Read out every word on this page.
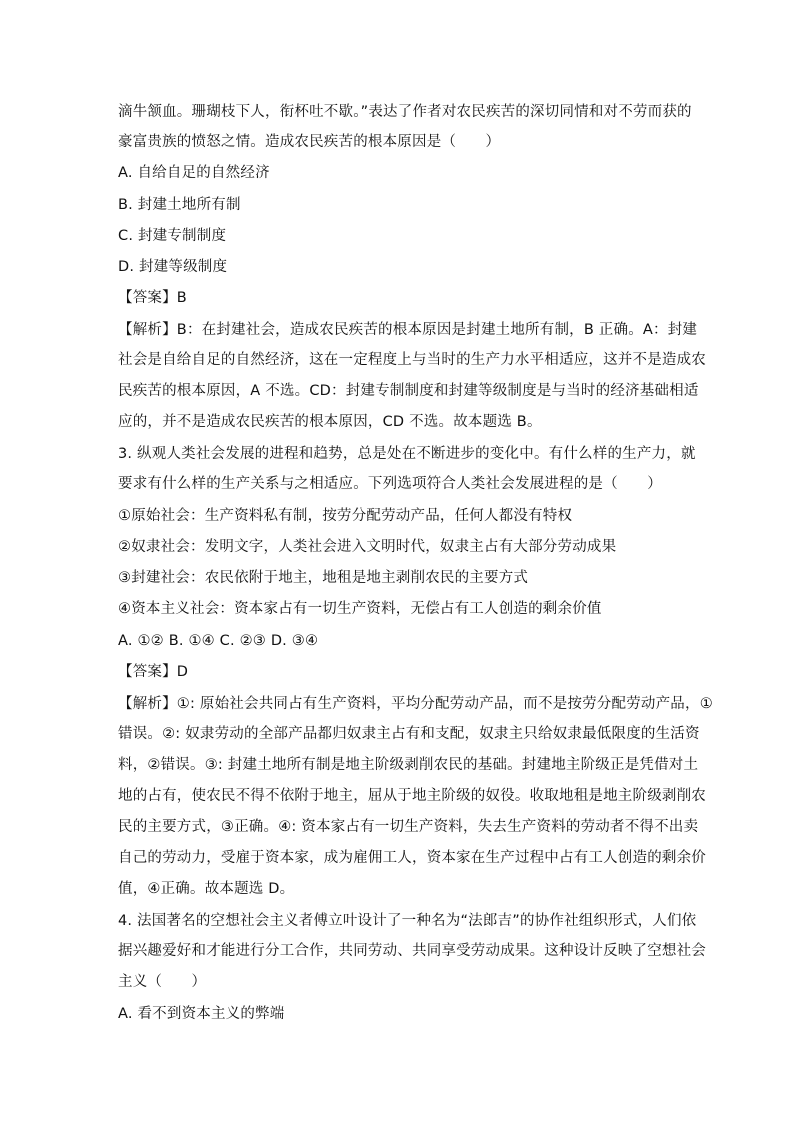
滴牛颔血。珊瑚枝下人，衔杯吐不歇。”表达了作者对农民疾苦的深切同情和对不劳而获的
豪富贵族的愤怒之情。造成农民疾苦的根本原因是（　　）
A. 自给自足的自然经济
B. 封建土地所有制
C. 封建专制制度
D. 封建等级制度
【答案】B
【解析】B：在封建社会，造成农民疾苦的根本原因是封建土地所有制，B 正确。A：封建
社会是自给自足的自然经济，这在一定程度上与当时的生产力水平相适应，这并不是造成农
民疾苦的根本原因，A 不选。CD：封建专制制度和封建等级制度是与当时的经济基础相适
应的，并不是造成农民疾苦的根本原因，CD 不选。故本题选 B。
3. 纵观人类社会发展的进程和趋势，总是处在不断进步的变化中。有什么样的生产力，就
要求有什么样的生产关系与之相适应。下列选项符合人类社会发展进程的是（　　）
①原始社会：生产资料私有制，按劳分配劳动产品，任何人都没有特权
②奴隶社会：发明文字，人类社会进入文明时代，奴隶主占有大部分劳动成果
③封建社会：农民依附于地主，地租是地主剥削农民的主要方式
④资本主义社会：资本家占有一切生产资料，无偿占有工人创造的剩余价值
A. ①② B. ①④ C. ②③ D. ③④
【答案】D
【解析】①: 原始社会共同占有生产资料，平均分配劳动产品，而不是按劳分配劳动产品，①
错误。②: 奴隶劳动的全部产品都归奴隶主占有和支配，奴隶主只给奴隶最低限度的生活资
料，②错误。③: 封建土地所有制是地主阶级剥削农民的基础。封建地主阶级正是凭借对土
地的占有，使农民不得不依附于地主，屈从于地主阶级的奴役。收取地租是地主阶级剥削农
民的主要方式，③正确。④: 资本家占有一切生产资料，失去生产资料的劳动者不得不出卖
自己的劳动力，受雇于资本家，成为雇佣工人，资本家在生产过程中占有工人创造的剩余价
值，④正确。故本题选 D。
4. 法国著名的空想社会主义者傅立叶设计了一种名为“法郎吉”的协作社组织形式，人们依
据兴趣爱好和才能进行分工合作，共同劳动、共同享受劳动成果。这种设计反映了空想社会
主义（　　）
A. 看不到资本主义的弊端
